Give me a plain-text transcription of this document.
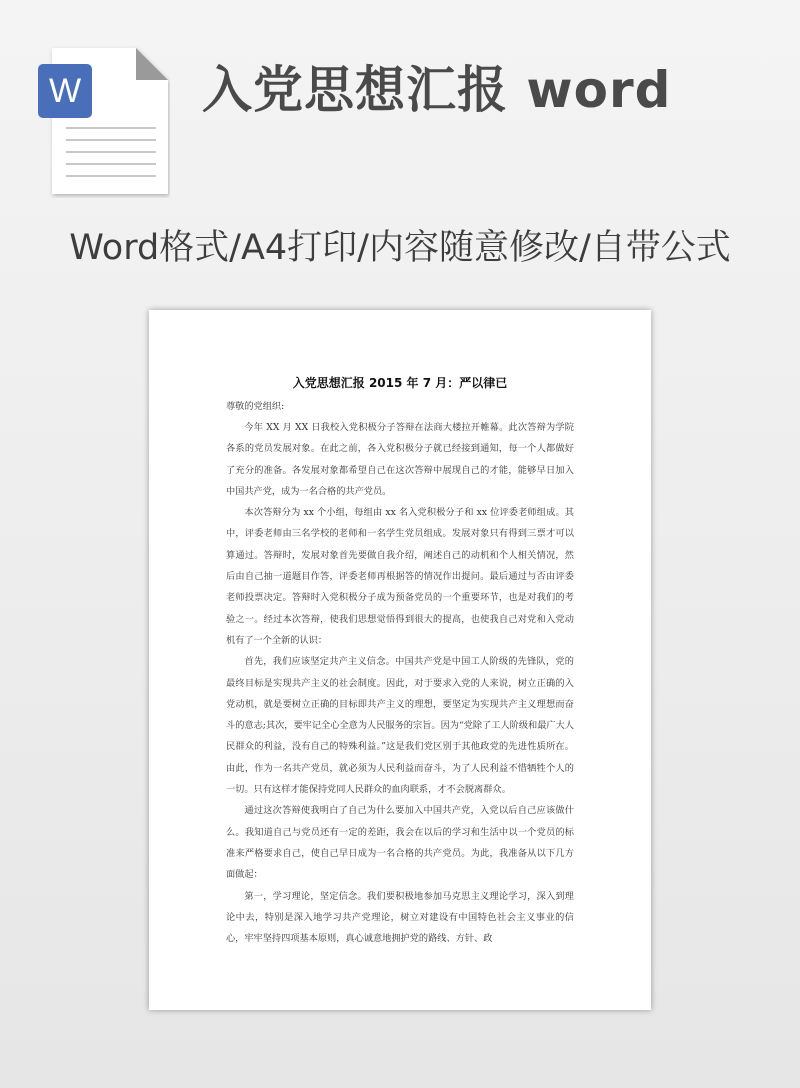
W 入党思想汇报 word
Word格式/A4打印/内容随意修改/自带公式

入党思想汇报 2015 年 7 月：严以律已

尊敬的党组织:

今年 XX 月 XX 日我校入党积极分子答辩在法商大楼拉开帷幕。此次答辩为学院各系的党员发展对象。在此之前，各入党积极分子就已经接到通知，每一个人都做好了充分的准备。各发展对象都希望自己在这次答辩中展现自己的才能，能够早日加入中国共产党，成为一名合格的共产党员。

本次答辩分为 xx 个小组，每组由 xx 名入党积极分子和 xx 位评委老师组成。其中，评委老师由三名学校的老师和一名学生党员组成。发展对象只有得到三票才可以算通过。答辩时，发展对象首先要做自我介绍，阐述自己的动机和个人相关情况，然后由自己抽一道题目作答，评委老师再根据答的情况作出提问。最后通过与否由评委老师投票决定。答辩时入党积极分子成为预备党员的一个重要环节，也是对我们的考验之一。经过本次答辩，使我们思想觉悟得到很大的提高，也使我自己对党和入党动机有了一个全新的认识：

首先，我们应该坚定共产主义信念。中国共产党是中国工人阶级的先锋队，党的最终目标是实现共产主义的社会制度。因此，对于要求入党的人来说，树立正确的入党动机，就是要树立正确的目标即共产主义的理想，要坚定为实现共产主义理想而奋斗的意志;其次，要牢记全心全意为人民服务的宗旨。因为“党除了工人阶级和最广大人民群众的利益，没有自己的特殊利益。”这是我们党区别于其他政党的先进性质所在。由此，作为一名共产党员，就必须为人民利益而奋斗，为了人民利益不惜牺牲个人的一切。只有这样才能保持党同人民群众的血肉联系，才不会脱离群众。

通过这次答辩使我明白了自己为什么要加入中国共产党，入党以后自己应该做什么。我知道自己与党员还有一定的差距，我会在以后的学习和生活中以一个党员的标准来严格要求自己，使自己早日成为一名合格的共产党员。为此，我准备从以下几方面做起：

第一，学习理论，坚定信念。我们要积极地参加马克思主义理论学习，深入到理论中去，特别是深入地学习共产党理论，树立对建设有中国特色社会主义事业的信心，牢牢坚持四项基本原则，真心诚意地拥护党的路线、方针、政
